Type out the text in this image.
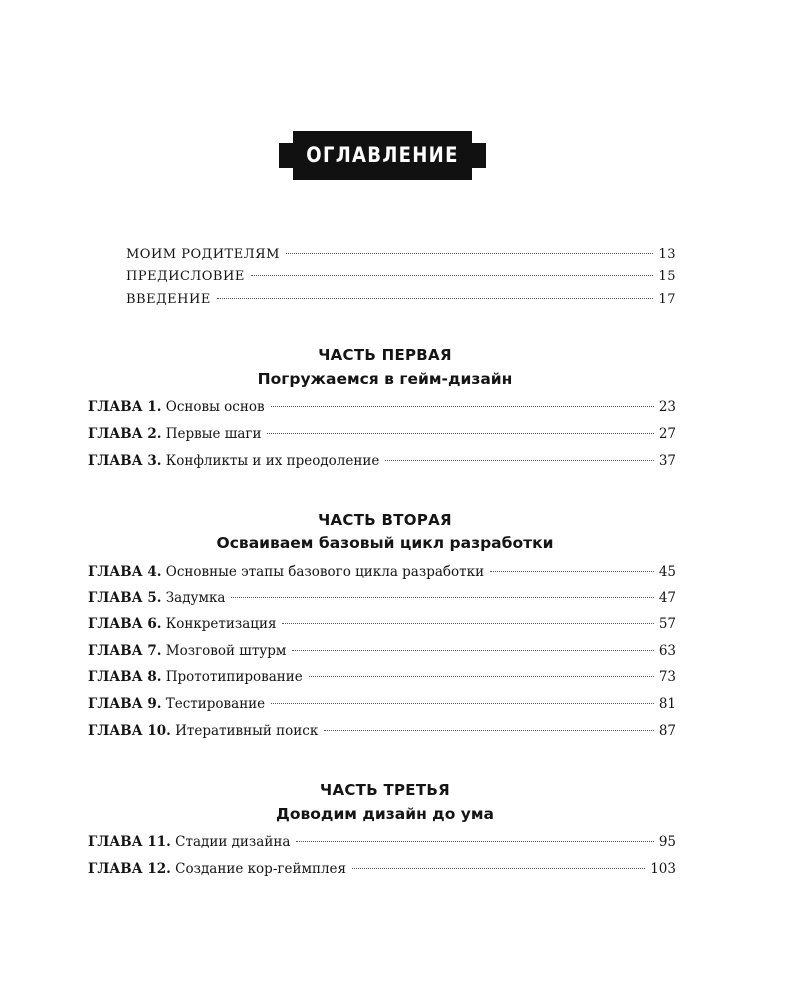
ОГЛАВЛЕНИЕ
МОИМ РОДИТЕЛЯМ	13
ПРЕДИСЛОВИЕ	15
ВВЕДЕНИЕ	17
ЧАСТЬ ПЕРВАЯ
Погружаемся в гейм-дизайн
ГЛАВА 1. Основы основ	23
ГЛАВА 2. Первые шаги	27
ГЛАВА 3. Конфликты и их преодоление	37
ЧАСТЬ ВТОРАЯ
Осваиваем базовый цикл разработки
ГЛАВА 4. Основные этапы базового цикла разработки	45
ГЛАВА 5. Задумка	47
ГЛАВА 6. Конкретизация	57
ГЛАВА 7. Мозговой штурм	63
ГЛАВА 8. Прототипирование	73
ГЛАВА 9. Тестирование	81
ГЛАВА 10. Итеративный поиск	87
ЧАСТЬ ТРЕТЬЯ
Доводим дизайн до ума
ГЛАВА 11. Стадии дизайна	95
ГЛАВА 12. Создание кор-геймплея	103
